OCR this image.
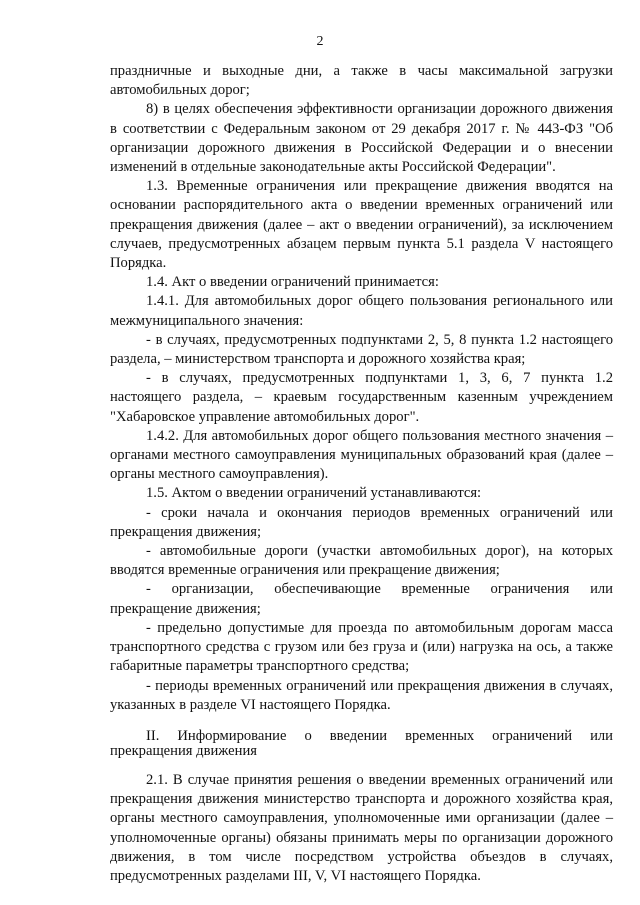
2

праздничные и выходные дни, а также в часы максимальной загрузки автомобильных дорог;

8) в целях обеспечения эффективности организации дорожного движения в соответствии с Федеральным законом от 29 декабря 2017 г. № 443-ФЗ "Об организации дорожного движения в Российской Федерации и о внесении изменений в отдельные законодательные акты Российской Федерации".

1.3. Временные ограничения или прекращение движения вводятся на основании распорядительного акта о введении временных ограничений или прекращения движения (далее – акт о введении ограничений), за исключением случаев, предусмотренных абзацем первым пункта 5.1 раздела V настоящего Порядка.

1.4. Акт о введении ограничений принимается:

1.4.1. Для автомобильных дорог общего пользования регионального или межмуниципального значения:

- в случаях, предусмотренных подпунктами 2, 5, 8 пункта 1.2 настоящего раздела, – министерством транспорта и дорожного хозяйства края;

- в случаях, предусмотренных подпунктами 1, 3, 6, 7 пункта 1.2 настоящего раздела, – краевым государственным казенным учреждением "Хабаровское управление автомобильных дорог".

1.4.2. Для автомобильных дорог общего пользования местного значения – органами местного самоуправления муниципальных образований края (далее – органы местного самоуправления).

1.5. Актом о введении ограничений устанавливаются:

- сроки начала и окончания периодов временных ограничений или прекращения движения;

- автомобильные дороги (участки автомобильных дорог), на которых вводятся временные ограничения или прекращение движения;

- организации, обеспечивающие временные ограничения или прекращение движения;

- предельно допустимые для проезда по автомобильным дорогам масса транспортного средства с грузом или без груза и (или) нагрузка на ось, а также габаритные параметры транспортного средства;

- периоды временных ограничений или прекращения движения в случаях, указанных в разделе VI настоящего Порядка.

II. Информирование о введении временных ограничений или прекращения движения

2.1. В случае принятия решения о введении временных ограничений или прекращения движения министерство транспорта и дорожного хозяйства края, органы местного самоуправления, уполномоченные ими организации (далее – уполномоченные органы) обязаны принимать меры по организации дорожного движения, в том числе посредством устройства объездов в случаях, предусмотренных разделами III, V, VI настоящего Порядка.
